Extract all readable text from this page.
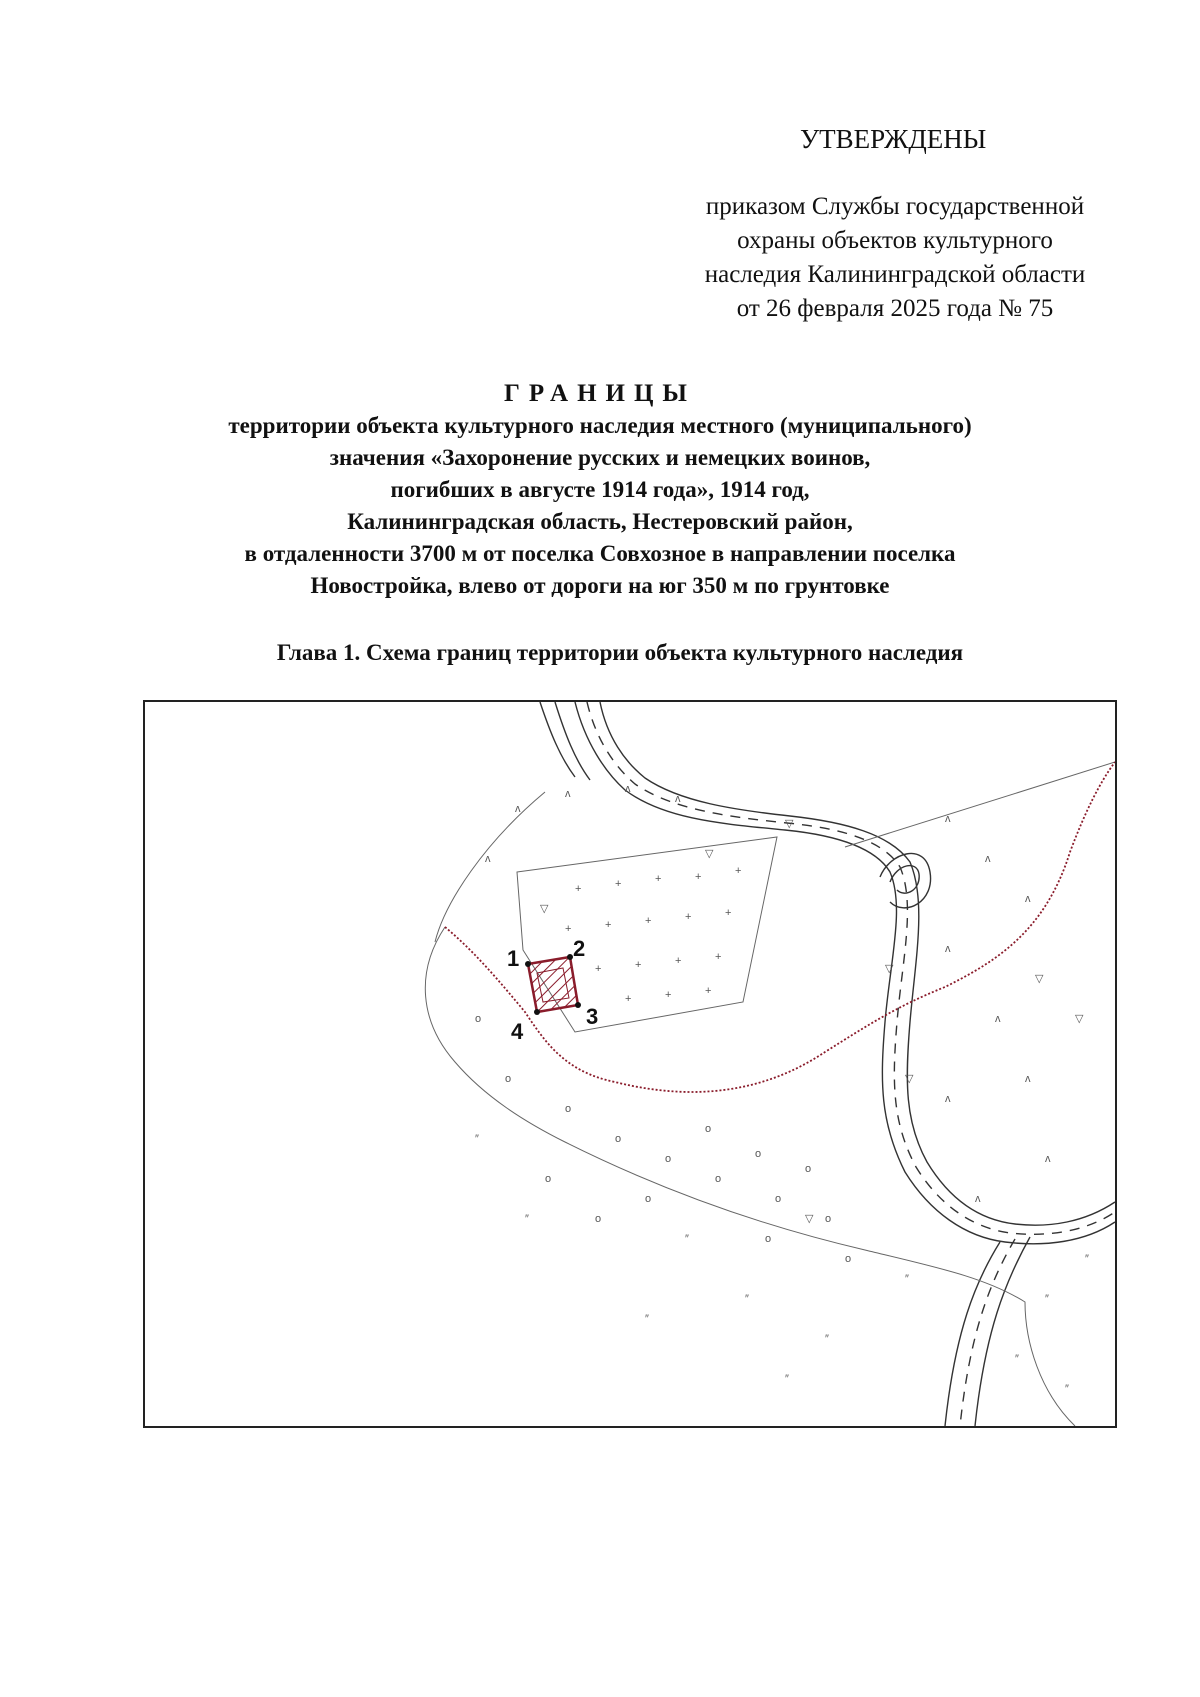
УТВЕРЖДЕНЫ
приказом Службы государственной
охраны объектов культурного
наследия Калининградской области
от 26 февраля 2025 года № 75
ГРАНИЦЫ
территории объекта культурного наследия местного (муниципального)
значения «Захоронение русских и немецких воинов,
погибших в августе 1914 года», 1914 год,
Калининградская область, Нестеровский район,
в отдаленности 3700 м от поселка Совхозное в направлении поселка
Новостройка, влево от дороги на юг 350 м по грунтовке
Глава 1. Схема границ территории объекта культурного наследия
+	+	+	+	+
+	+	+	+	+
+	+	+	+
+	+	+
ʌ
ʌ	ʌ
ʌ
ʌ
ʌ
ʌ
ʌ
ʌ
ʌ
ʌ
ʌ
ʌ
ʌ
o
o
o
o
o
o
o
o
o
o
o
o
o
o
o
o
″
″
″
″
″
″
″
″
″
″
″
″
▽
▽
▽
▽
▽
▽
▽
▽
1 2
3
4
